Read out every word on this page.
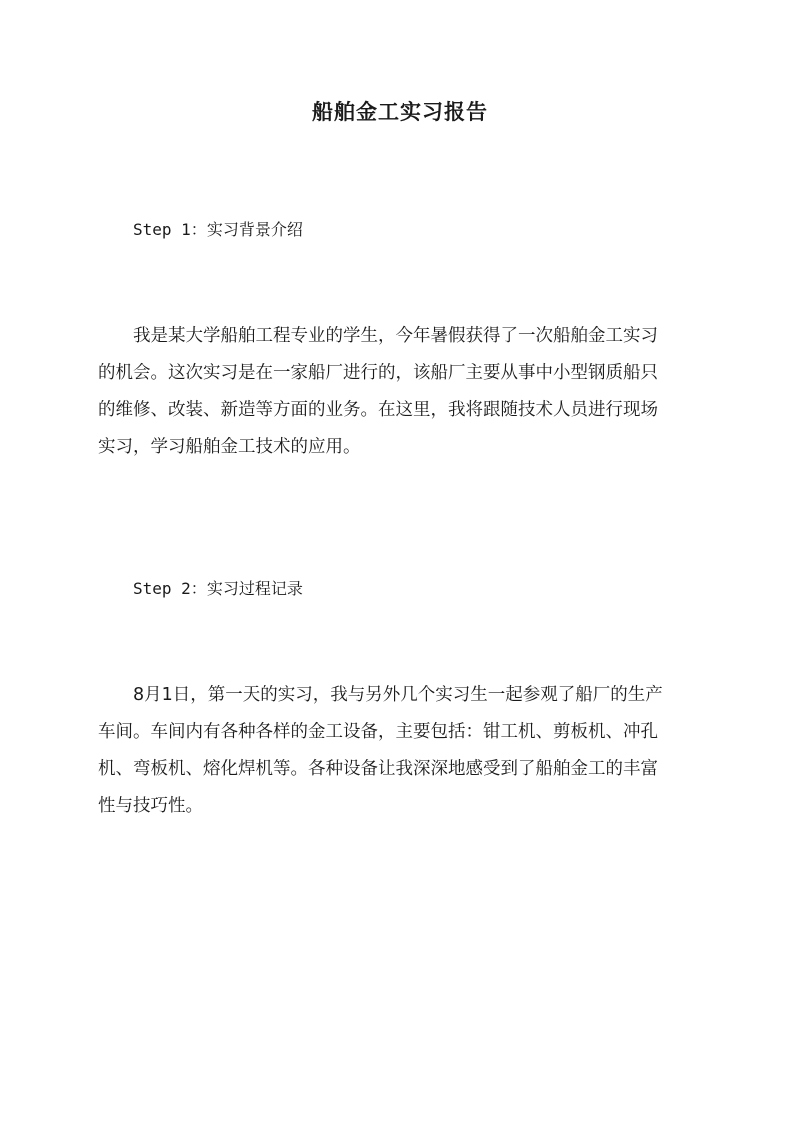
船舶金工实习报告
Step 1：实习背景介绍
我是某大学船舶工程专业的学生，今年暑假获得了一次船舶金工实习
的机会。这次实习是在一家船厂进行的，该船厂主要从事中小型钢质船只
的维修、改装、新造等方面的业务。在这里，我将跟随技术人员进行现场
实习，学习船舶金工技术的应用。
Step 2：实习过程记录
8月1日，第一天的实习，我与另外几个实习生一起参观了船厂的生产
车间。车间内有各种各样的金工设备，主要包括：钳工机、剪板机、冲孔
机、弯板机、熔化焊机等。各种设备让我深深地感受到了船舶金工的丰富
性与技巧性。
